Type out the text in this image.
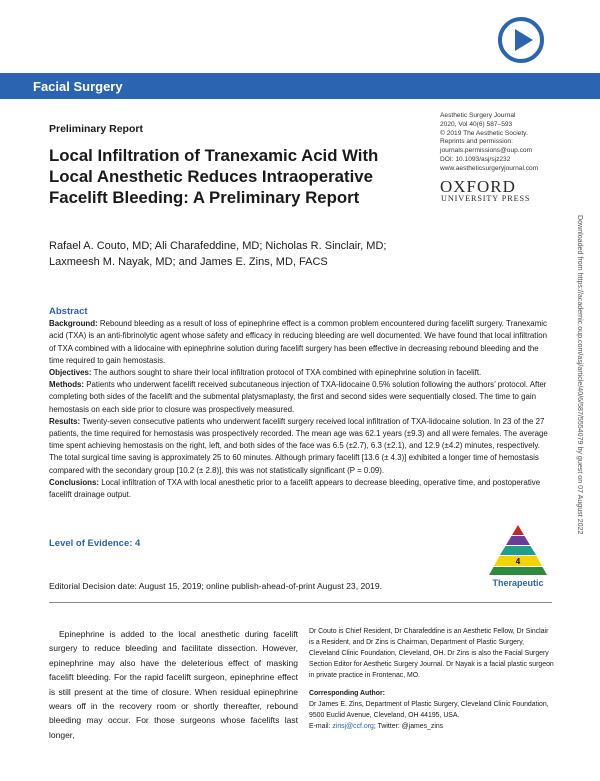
Facial Surgery
Aesthetic Surgery Journal
2020, Vol 40(6) 587–593
© 2019 The Aesthetic Society.
Reprints and permission:
journals.permissions@oup.com
DOI: 10.1093/asj/sjz232
www.aestheticsurgeryjournal.com
OXFORD
UNIVERSITY PRESS
Preliminary Report
Local Infiltration of Tranexamic Acid With
Local Anesthetic Reduces Intraoperative
Facelift Bleeding: A Preliminary Report
Rafael A. Couto, MD; Ali Charafeddine, MD; Nicholas R. Sinclair, MD;
Laxmeesh M. Nayak, MD; and James E. Zins, MD, FACS	Downloaded from https://academic.oup.com/asj/article/40/6/587/5554079 by guest on 07 August 2022
Abstract

Background: Rebound bleeding as a result of loss of epinephrine effect is a common problem encountered during facelift surgery. Tranexamic acid (TXA) is an anti-fibrinolytic agent whose safety and efficacy in reducing bleeding are well documented. We have found that local infiltration of TXA combined with a lidocaine with epinephrine solution during facelift surgery has been effective in decreasing rebound bleeding and the time required to gain hemostasis.

Objectives: The authors sought to share their local infiltration protocol of TXA combined with epinephrine solution in facelift.

Methods: Patients who underwent facelift received subcutaneous injection of TXA-lidocaine 0.5% solution following the authors’ protocol. After completing both sides of the facelift and the submental platysmaplasty, the first and second sides were sequentially closed. The time to gain hemostasis on each side prior to closure was prospectively measured.

Results: Twenty-seven consecutive patients who underwent facelift surgery received local infiltration of TXA-lidocaine solution. In 23 of the 27 patients, the time required for hemostasis was prospectively recorded. The mean age was 62.1 years (±9.3) and all were females. The average time spent achieving hemostasis on the right, left, and both sides of the face was 6.5 (±2.7), 6.3 (±2.1), and 12.9 (±4.2) minutes, respectively. The total surgical time saving is approximately 25 to 60 minutes. Although primary facelift [13.6 (± 4.3)] exhibited a longer time of hemostasis compared with the secondary group [10.2 (± 2.8)], this was not statistically significant (P = 0.09).

Conclusions: Local infiltration of TXA with local anesthetic prior to a facelift appears to decrease bleeding, operative time, and postoperative facelift drainage output.

Level of Evidence: 4
4
Therapeutic
Editorial Decision date: August 15, 2019; online publish-ahead-of-print August 23, 2019.

Epinephrine is added to the local anesthetic during facelift surgery to reduce bleeding and facilitate dissection. However, epinephrine may also have the deleterious effect of masking facelift bleeding. For the rapid facelift surgeon, epinephrine effect is still present at the time of closure. When residual epinephrine wears off in the recovery room or shortly thereafter, rebound bleeding may occur. For those surgeons whose facelifts last longer,

Dr Couto is Chief Resident, Dr Charafeddine is an Aesthetic Fellow, Dr Sinclair is a Resident, and Dr Zins is Chairman, Department of Plastic Surgery, Cleveland Clinic Foundation, Cleveland, OH. Dr Zins is also the Facial Surgery Section Editor for Aesthetic Surgery Journal. Dr Nayak is a facial plastic surgeon in private practice in Frontenac, MO.

Corresponding Author:

Dr James E. Zins, Department of Plastic Surgery, Cleveland Clinic Foundation, 9500 Euclid Avenue, Cleveland, OH 44195, USA.

E-mail: zinsj@ccf.org; Twitter: @james_zins
